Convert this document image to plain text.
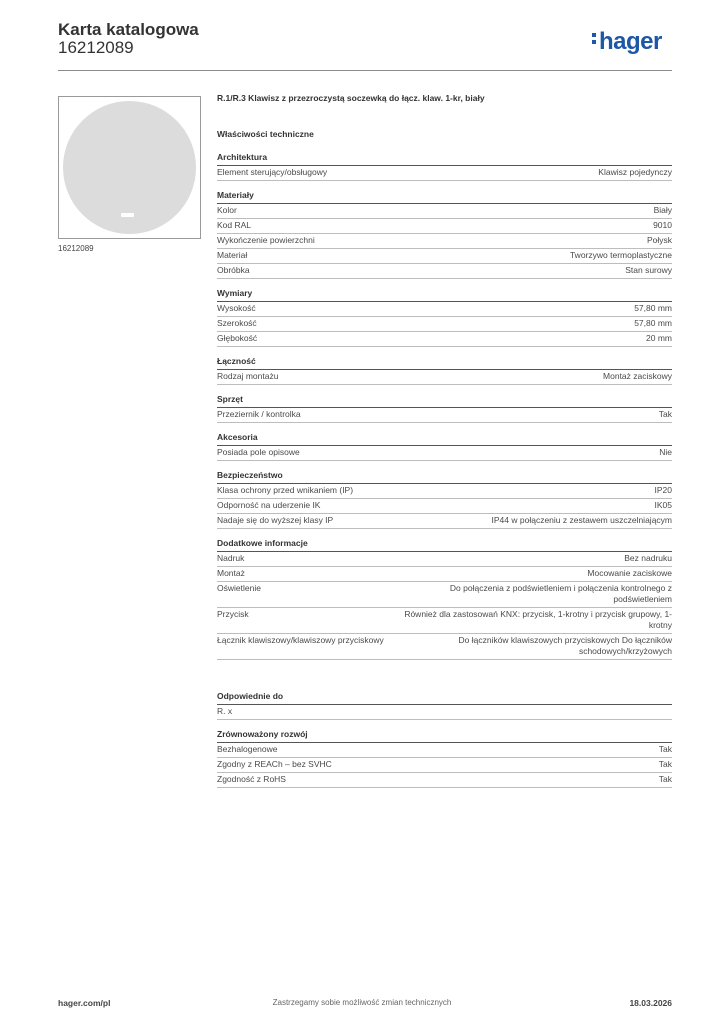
Karta katalogowa
16212089	hager
16212089
R.1/R.3 Klawisz z przezroczystą soczewką do łącz. klaw. 1-kr, biały
Właściwości techniczne
Architektura
Element sterujący/obsługowy	Klawisz pojedynczy
Materiały
Kolor	Biały
Kod RAL	9010
Wykończenie powierzchni	Połysk
Materiał	Tworzywo termoplastyczne
Obróbka	Stan surowy
Wymiary
Wysokość	57,80 mm
Szerokość	57,80 mm
Głębokość	20 mm
Łączność
Rodzaj montażu	Montaż zaciskowy
Sprzęt
Przeziernik / kontrolka	Tak
Akcesoria
Posiada pole opisowe	Nie
Bezpieczeństwo
Klasa ochrony przed wnikaniem (IP)	IP20
Odporność na uderzenie IK	IK05
Nadaje się do wyższej klasy IP	IP44 w połączeniu z zestawem uszczelniającym
Dodatkowe informacje
Nadruk	Bez nadruku
Montaż	Mocowanie zaciskowe
Oświetlenie	Do połączenia z podświetleniem i połączenia kontrolnego z podświetleniem
Przycisk	Również dla zastosowań KNX: przycisk, 1-krotny i przycisk grupowy, 1-krotny
Łącznik klawiszowy/klawiszowy przyciskowy	Do łączników klawiszowych przyciskowych Do łączników schodowych/krzyżowych
Odpowiednie do
R. x
Zrównoważony rozwój
Bezhalogenowe	Tak
Zgodny z REACh – bez SVHC	Tak
Zgodność z RoHS	Tak
hager.com/pl	Zastrzegamy sobie możliwość zmian technicznych	18.03.2026
